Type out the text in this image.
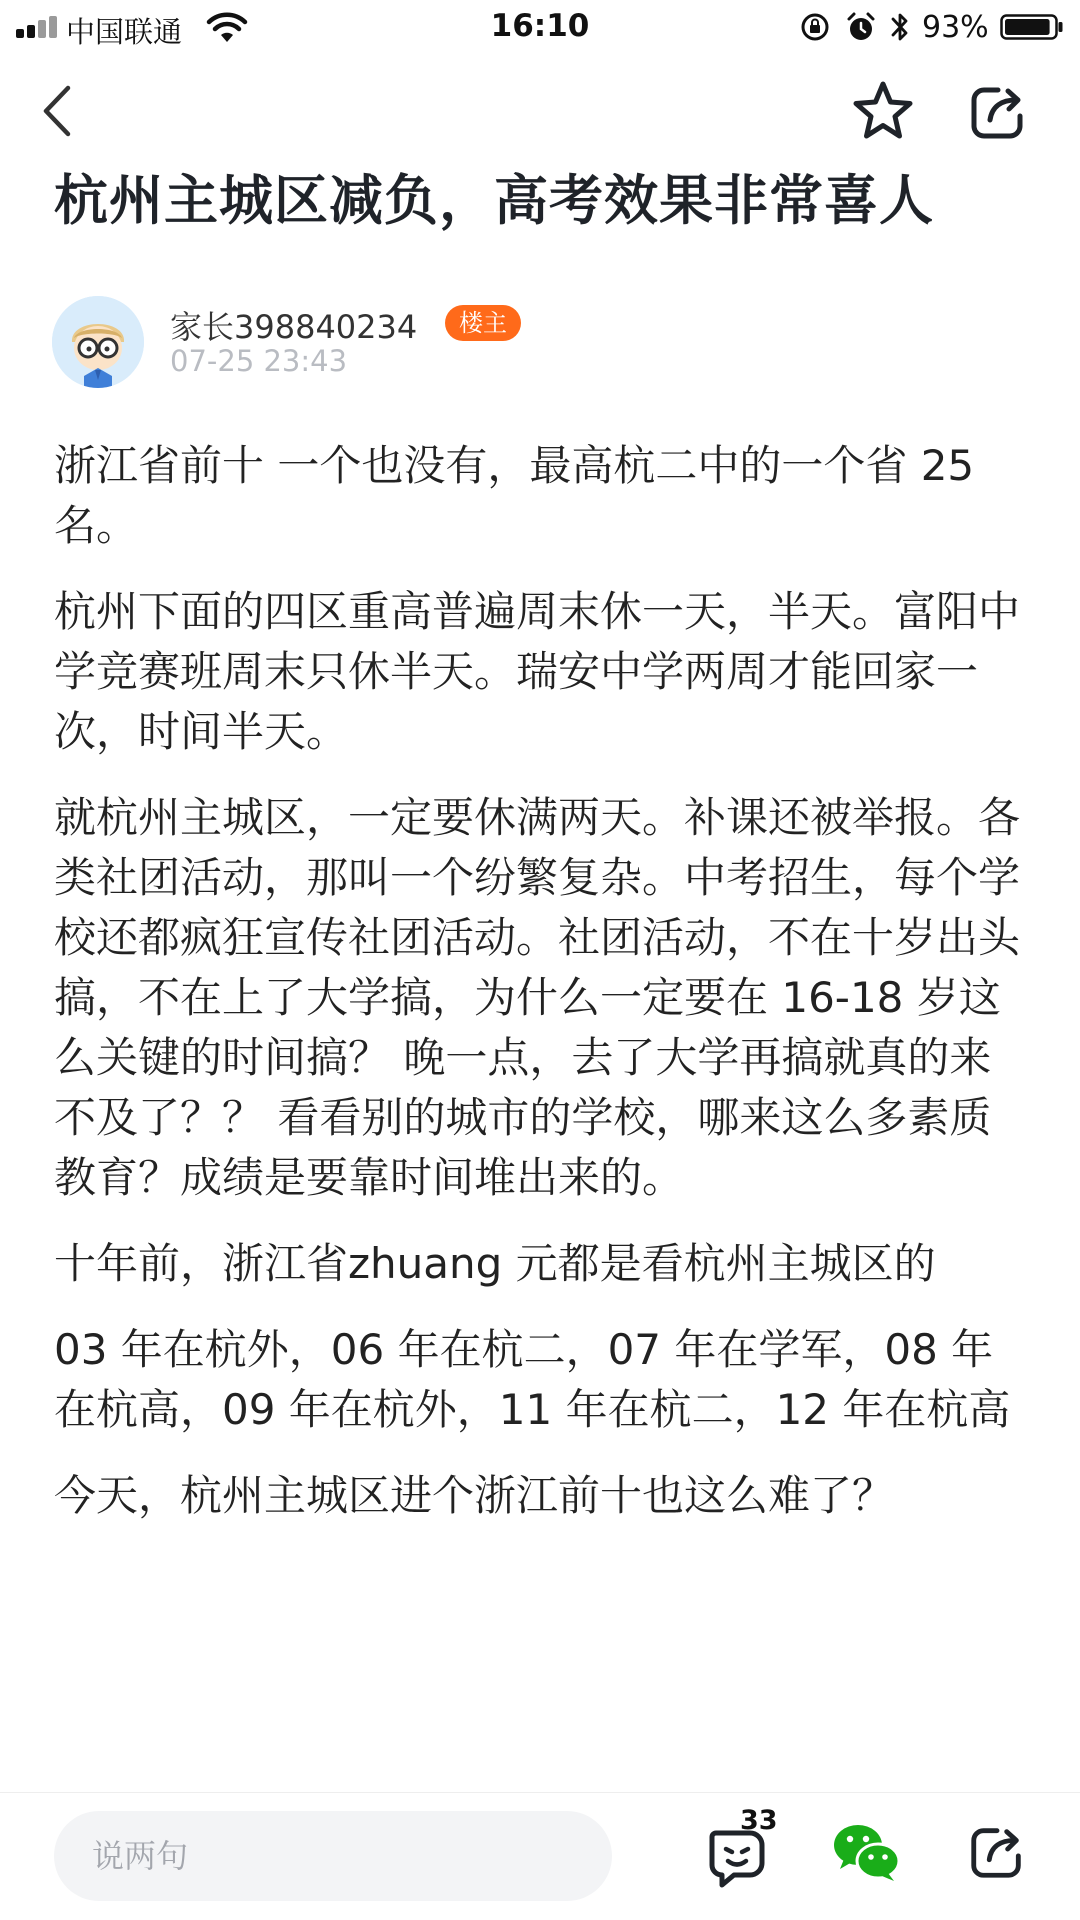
中国联通	16:10	93%
杭州主城区减负，高考效果非常喜人
家长398840234	楼主
07-25 23:43

浙江省前十 一个也没有，最高杭二中的一个省 25 名。

杭州下面的四区重高普遍周末休一天，半天。富阳中学竞赛班周末只休半天。瑞安中学两周才能回家一次，时间半天。

就杭州主城区，一定要休满两天。补课还被举报。各类社团活动，那叫一个纷繁复杂。中考招生，每个学校还都疯狂宣传社团活动。社团活动，不在十岁出头搞，不在上了大学搞，为什么一定要在 16-18 岁这么关键的时间搞？ 晚一点，去了大学再搞就真的来不及了？？ 看看别的城市的学校，哪来这么多素质教育？成绩是要靠时间堆出来的。

十年前，浙江省zhuang 元都是看杭州主城区的

03 年在杭外，06 年在杭二，07 年在学军，08 年在杭高，09 年在杭外，11 年在杭二，12 年在杭高

今天，杭州主城区进个浙江前十也这么难了？

说两句
33
